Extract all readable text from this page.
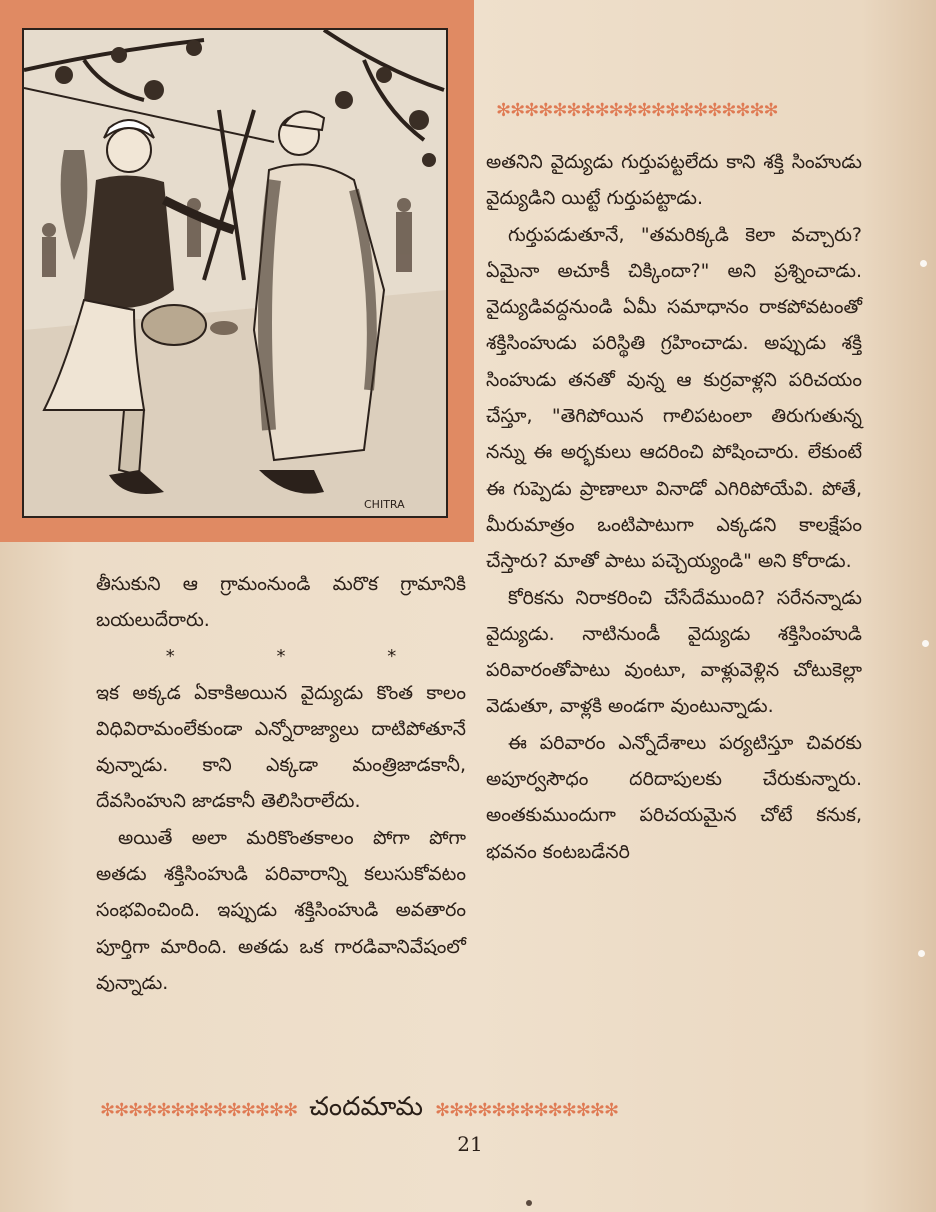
CHITRA
✻✻✻✻✻✻✻✻✻✻✻✻✻✻✻✻✻✻✻✻

అతనిని వైద్యుడు గుర్తుపట్టలేదు కాని శక్తి సింహుడు వైద్యుడిని యిట్టే గుర్తుపట్టాడు.

గుర్తుపడుతూనే, "తమరిక్కడి కెలా వచ్చారు? ఏమైనా అచూకీ చిక్కిందా?" అని ప్రశ్నించాడు. వైద్యుడివద్దనుండి ఏమీ సమాధానం రాకపోవటంతో శక్తిసింహుడు పరిస్థితి గ్రహించాడు. అప్పుడు శక్తి సింహుడు తనతో వున్న ఆ కుర్రవాళ్లని పరిచయం చేస్తూ, "తెగిపోయిన గాలిపటంలా తిరుగుతున్న నన్ను ఈ అర్భకులు ఆదరించి పోషించారు. లేకుంటే ఈ గుప్పెడు ప్రాణాలూ వినాడో ఎగిరిపోయేవి. పోతే, మీరుమాత్రం ఒంటిపాటుగా ఎక్కడని కాలక్షేపం చేస్తారు? మాతో పాటు పచ్చెయ్యండి" అని కోరాడు.

కోరికను నిరాకరించి చేసేదేముంది? సరేనన్నాడు వైద్యుడు. నాటినుండీ వైద్యుడు శక్తిసింహుడి పరివారంతోపాటు వుంటూ, వాళ్లువెళ్లిన చోటుకెల్లా వెడుతూ, వాళ్లకి అండగా వుంటున్నాడు.

ఈ పరివారం ఎన్నోదేశాలు పర్యటిస్తూ చివరకు అపూర్వసౌధం దరిదాపులకు చేరుకున్నారు. అంతకుముందుగా పరిచయమైన చోటే కనుక, భవనం కంటబడేనరి

తీసుకుని ఆ గ్రామంనుండి మరొక గ్రామానికి బయలుదేరారు.

* * *

ఇక అక్కడ ఏకాకిఅయిన వైద్యుడు కొంత కాలం విధివిరామంలేకుండా ఎన్నోరాజ్యాలు దాటిపోతూనే వున్నాడు. కాని ఎక్కడా మంత్రిజాడకానీ, దేవసింహుని జాడకానీ తెలిసిరాలేదు.

అయితే అలా మరికొంతకాలం పోగా పోగా అతడు శక్తిసింహుడి పరివారాన్ని కలుసుకోవటం సంభవించింది. ఇప్పుడు శక్తిసింహుడి అవతారం పూర్తిగా మారింది. అతడు ఒక గారడివానివేషంలో వున్నాడు.

✻✻✻✻✻✻✻✻✻✻✻✻✻✻ చందమామ ✻✻✻✻✻✻✻✻✻✻✻✻✻
21
